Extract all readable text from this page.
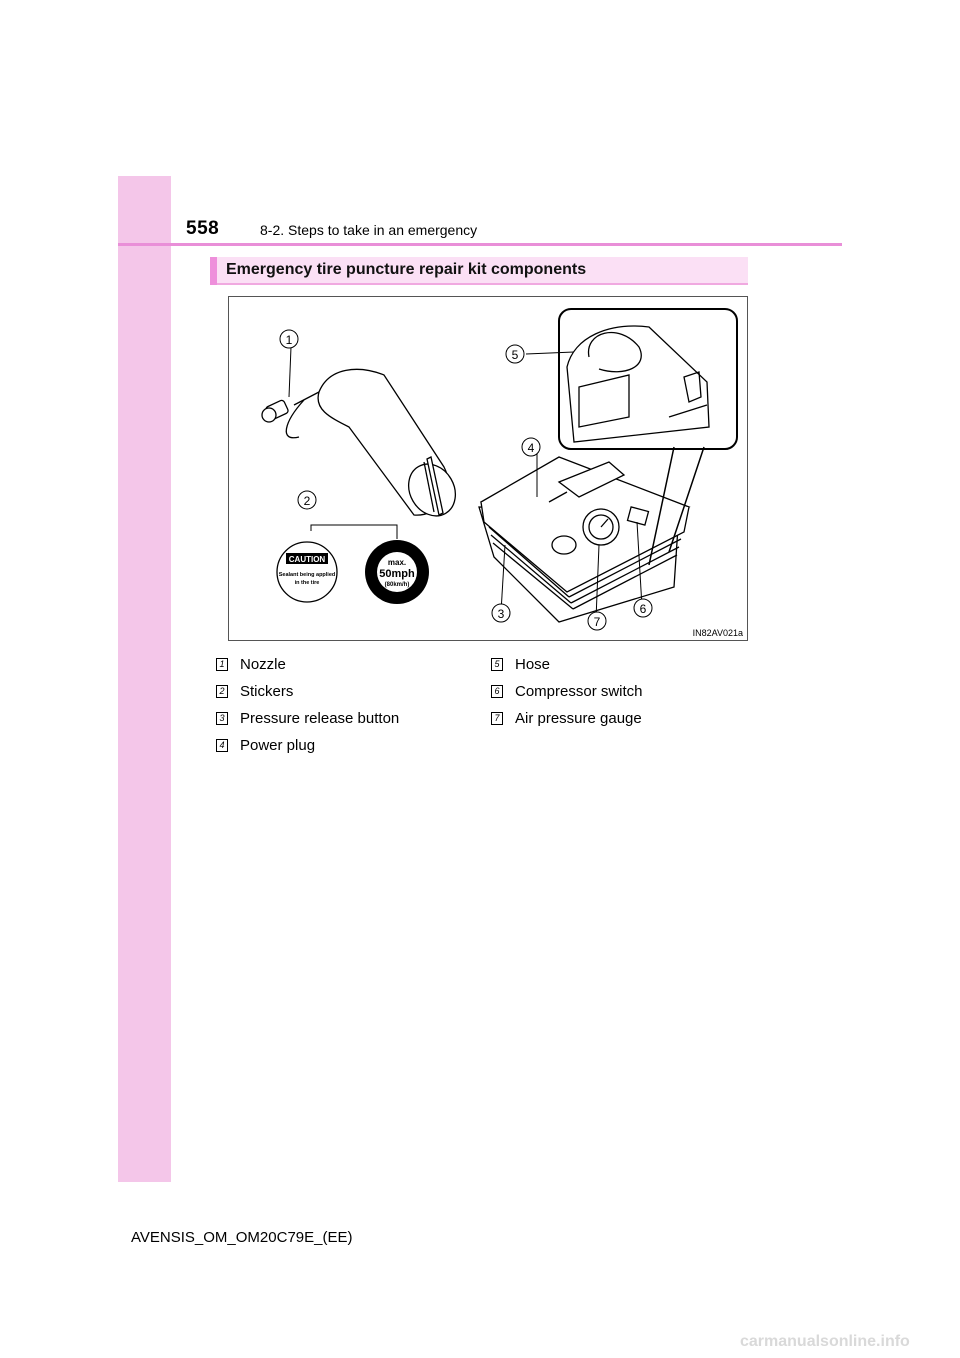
558	8-2. Steps to take in an emergency
Emergency tire puncture repair kit components
CAUTION
Sealant being applied
in the tire
max.
50mph
(80km/h)
1
2
3
4
5
6
7
IN82AV021a
1 Nozzle
2 Stickers
3 Pressure release button
4 Power plug
5 Hose
6 Compressor switch
7 Air pressure gauge
AVENSIS_OM_OM20C79E_(EE)
carmanualsonline.info
